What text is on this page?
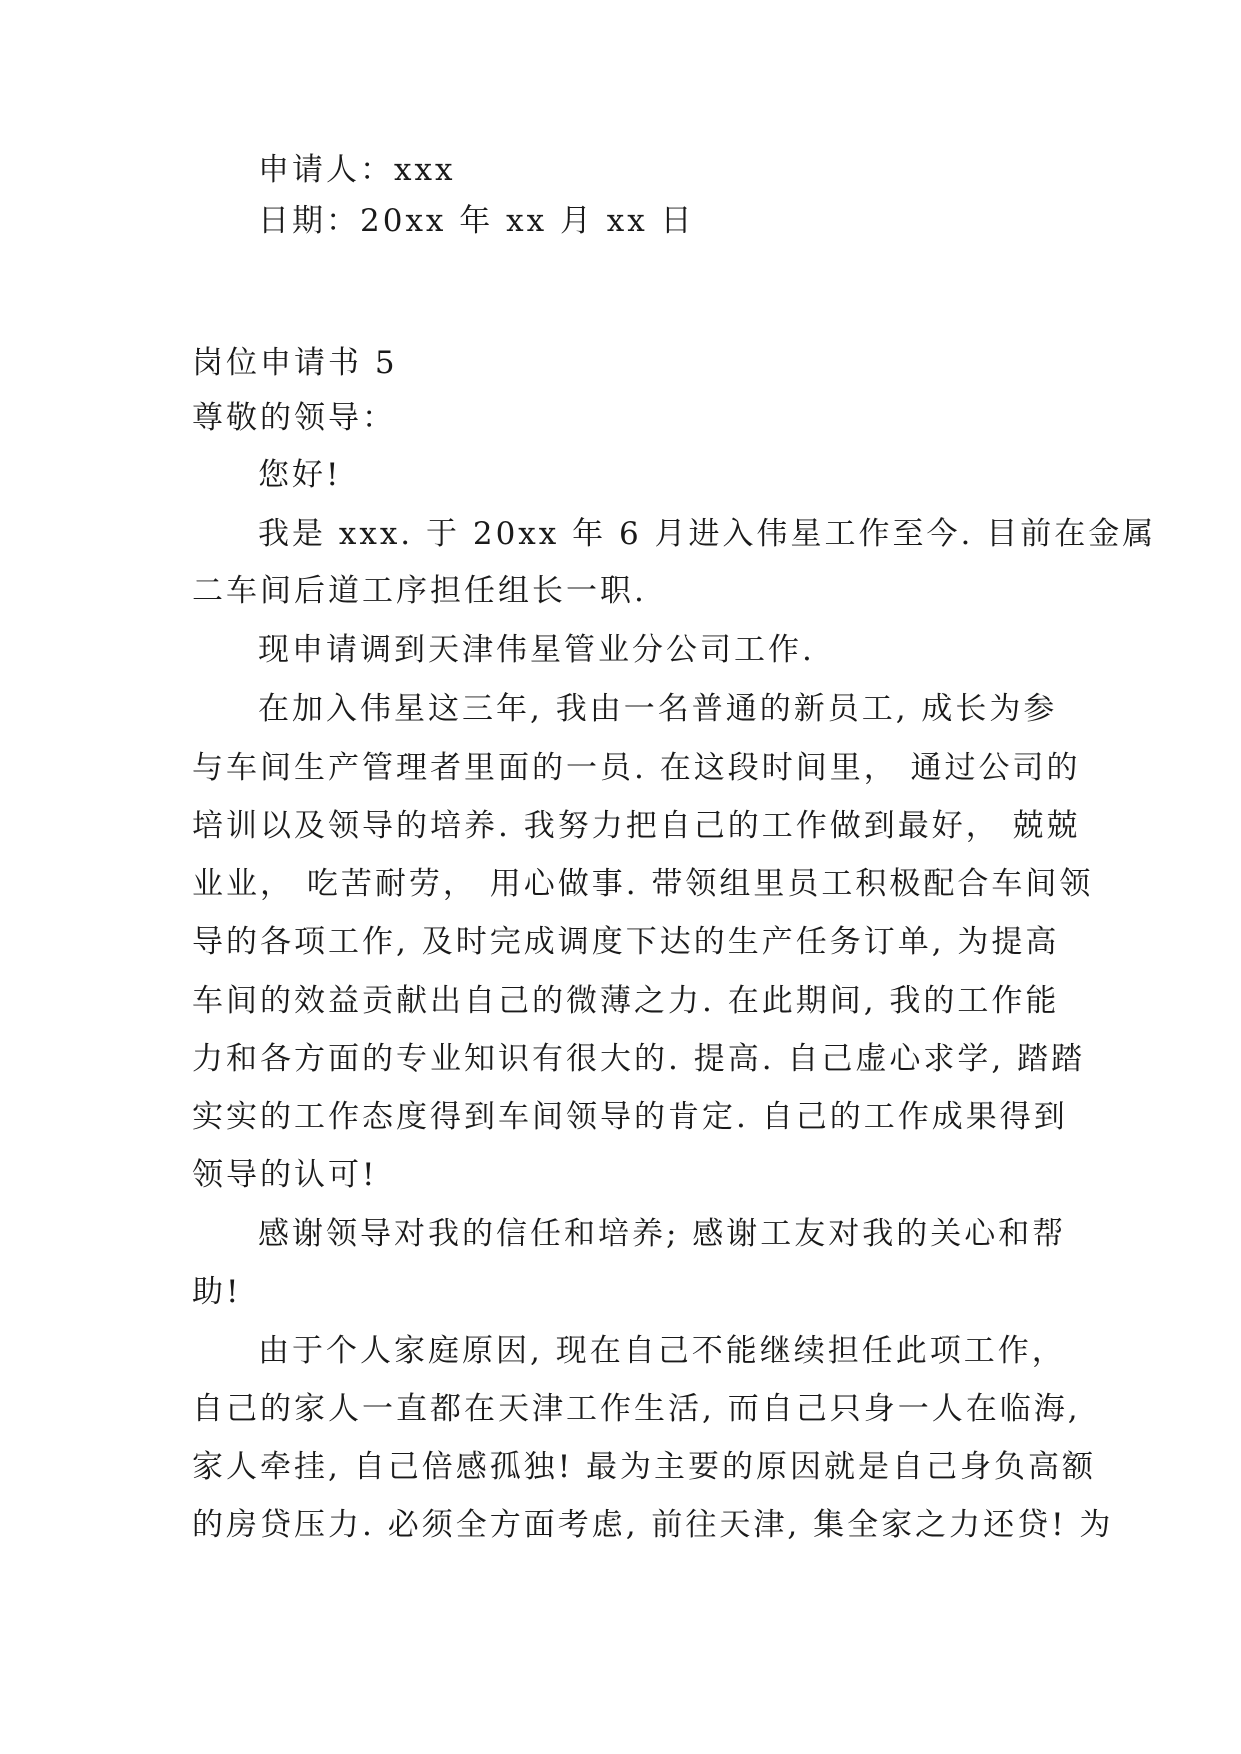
申请人：xxx
日期：20xx 年 xx 月 xx 日
岗位申请书 5
尊敬的领导：
您好!
我是 xxx. 于 20xx 年 6 月进入伟星工作至今. 目前在金属
二车间后道工序担任组长一职.
现申请调到天津伟星管业分公司工作.
在加入伟星这三年, 我由一名普通的新员工, 成长为参
与车间生产管理者里面的一员. 在这段时间里， 通过公司的
培训以及领导的培养. 我努力把自己的工作做到最好， 兢兢
业业， 吃苦耐劳， 用心做事. 带领组里员工积极配合车间领
导的各项工作, 及时完成调度下达的生产任务订单, 为提高
车间的效益贡献出自己的微薄之力. 在此期间, 我的工作能
力和各方面的专业知识有很大的. 提高. 自己虚心求学, 踏踏
实实的工作态度得到车间领导的肯定. 自己的工作成果得到
领导的认可!
感谢领导对我的信任和培养; 感谢工友对我的关心和帮
助!
由于个人家庭原因, 现在自己不能继续担任此项工作，
自己的家人一直都在天津工作生活, 而自己只身一人在临海,
家人牵挂, 自己倍感孤独! 最为主要的原因就是自己身负高额
的房贷压力. 必须全方面考虑, 前往天津, 集全家之力还贷! 为
